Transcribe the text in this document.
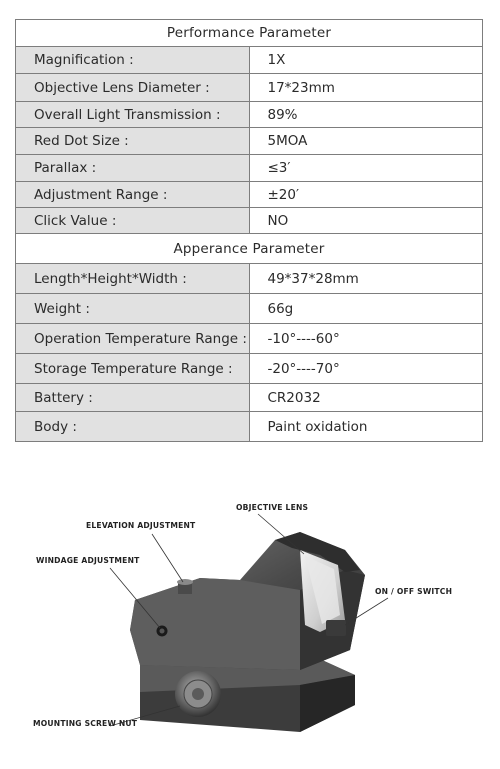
Performance Parameter	
Magnification :	1X
Objective Lens Diameter :	17*23mm
Overall Light Transmission :	89%
Red Dot Size :	5MOA
Parallax :	≤3′
Adjustment Range :	±20′
Click Value :	NO
Apperance Parameter	
Length*Height*Width :	49*37*28mm
Weight :	66g
Operation Temperature Range :	-10°----60°
Storage Temperature Range :	-20°----70°
Battery :	CR2032
Body :	Paint oxidation
OBJECTIVE LENS
ELEVATION ADJUSTMENT
WINDAGE ADJUSTMENT
ON / OFF SWITCH
MOUNTING SCREW NUT
